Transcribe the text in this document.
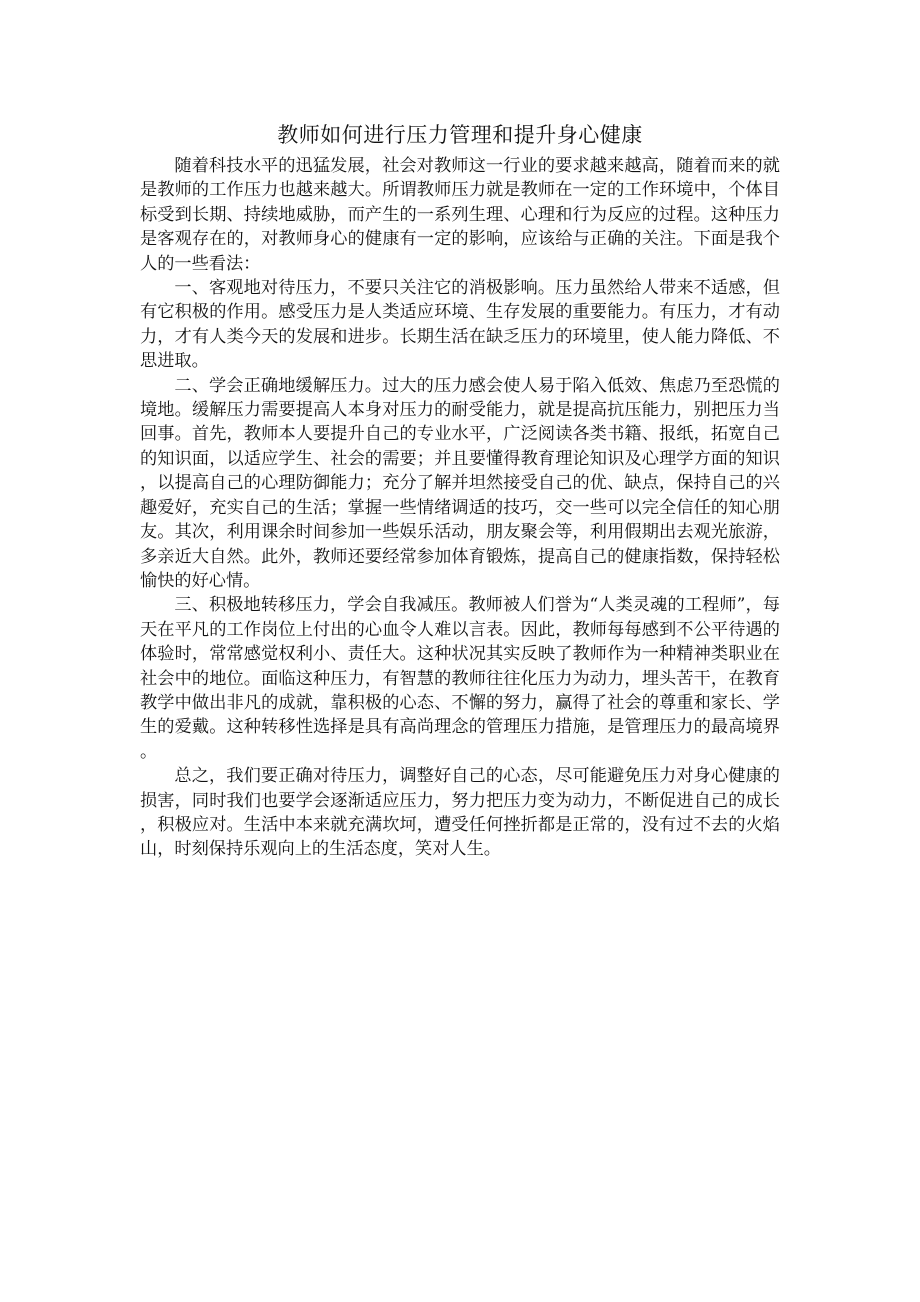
教师如何进行压力管理和提升身心健康

随着科技水平的迅猛发展，社会对教师这一行业的要求越来越高，随着而来的就是教师的工作压力也越来越大。所谓教师压力就是教师在一定的工作环境中，个体目标受到长期、持续地威胁，而产生的一系列生理、心理和行为反应的过程。这种压力是客观存在的，对教师身心的健康有一定的影响，应该给与正确的关注。下面是我个人的一些看法：

一、客观地对待压力，不要只关注它的消极影响。压力虽然给人带来不适感，但有它积极的作用。感受压力是人类适应环境、生存发展的重要能力。有压力，才有动力，才有人类今天的发展和进步。长期生活在缺乏压力的环境里，使人能力降低、不思进取。

二、学会正确地缓解压力。过大的压力感会使人易于陷入低效、焦虑乃至恐慌的境地。缓解压力需要提高人本身对压力的耐受能力，就是提高抗压能力，别把压力当回事。首先，教师本人要提升自己的专业水平，广泛阅读各类书籍、报纸，拓宽自己的知识面，以适应学生、社会的需要；并且要懂得教育理论知识及心理学方面的知识，以提高自己的心理防御能力；充分了解并坦然接受自己的优、缺点，保持自己的兴趣爱好，充实自己的生活；掌握一些情绪调适的技巧，交一些可以完全信任的知心朋友。其次，利用课余时间参加一些娱乐活动，朋友聚会等，利用假期出去观光旅游，多亲近大自然。此外，教师还要经常参加体育锻炼，提高自己的健康指数，保持轻松愉快的好心情。

三、积极地转移压力，学会自我减压。教师被人们誉为“人类灵魂的工程师”，每天在平凡的工作岗位上付出的心血令人难以言表。因此，教师每每感到不公平待遇的体验时，常常感觉权利小、责任大。这种状况其实反映了教师作为一种精神类职业在社会中的地位。面临这种压力，有智慧的教师往往化压力为动力，埋头苦干，在教育教学中做出非凡的成就，靠积极的心态、不懈的努力，赢得了社会的尊重和家长、学生的爱戴。这种转移性选择是具有高尚理念的管理压力措施，是管理压力的最高境界。

总之，我们要正确对待压力，调整好自己的心态，尽可能避免压力对身心健康的损害，同时我们也要学会逐渐适应压力，努力把压力变为动力，不断促进自己的成长，积极应对。生活中本来就充满坎坷，遭受任何挫折都是正常的，没有过不去的火焰山，时刻保持乐观向上的生活态度，笑对人生。
